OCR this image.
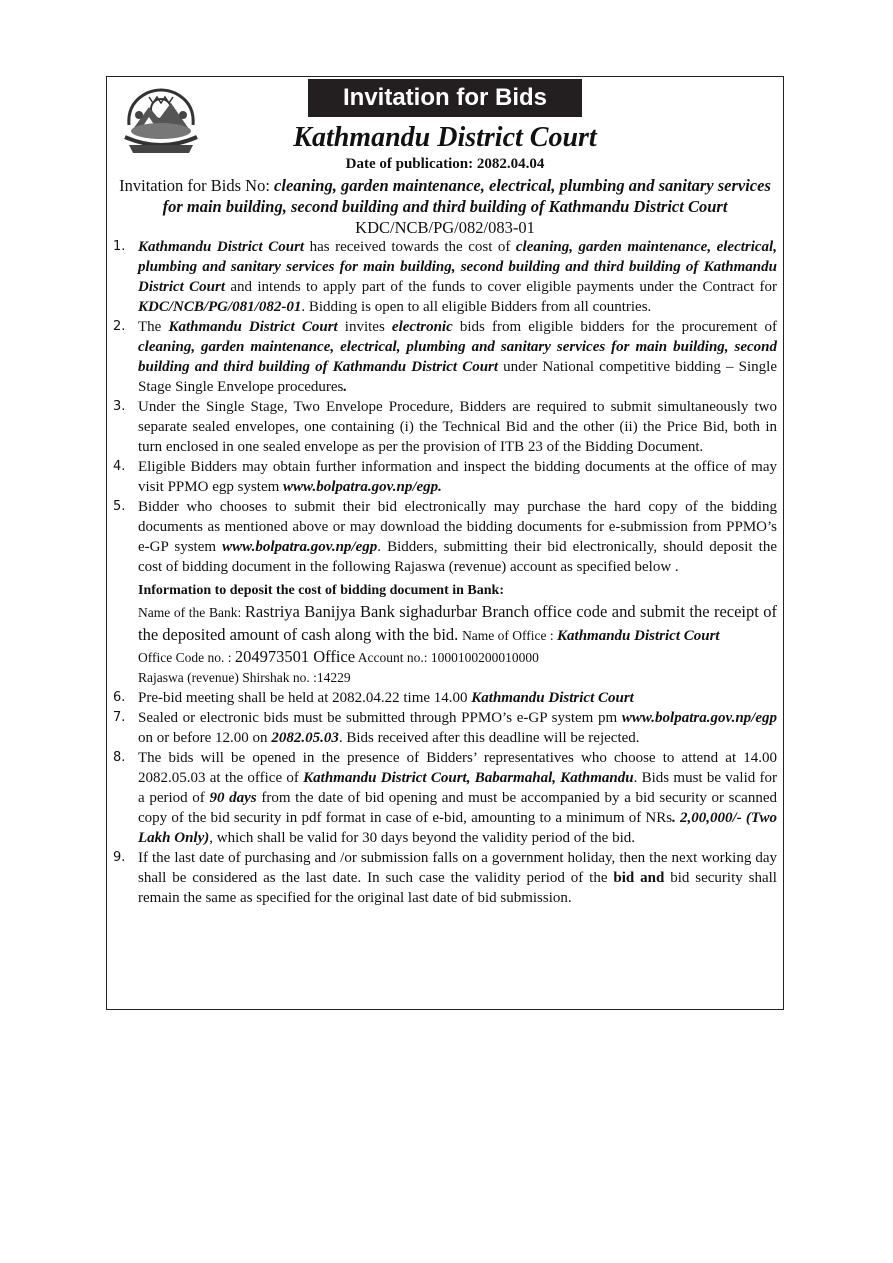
Invitation for Bids
Kathmandu District Court
Date of publication: 2082.04.04
Invitation for Bids No: cleaning, garden maintenance, electrical, plumbing and sanitary services for main building, second building and third building of Kathmandu District Court KDC/NCB/PG/082/083-01
1. Kathmandu District Court has received towards the cost of cleaning, garden maintenance, electrical, plumbing and sanitary services for main building, second building and third building of Kathmandu District Court and intends to apply part of the funds to cover eligible payments under the Contract for KDC/NCB/PG/081/082-01. Bidding is open to all eligible Bidders from all countries.
2. The Kathmandu District Court invites electronic bids from eligible bidders for the procurement of cleaning, garden maintenance, electrical, plumbing and sanitary services for main building, second building and third building of Kathmandu District Court under National competitive bidding – Single Stage Single Envelope procedures.
3. Under the Single Stage, Two Envelope Procedure, Bidders are required to submit simultaneously two separate sealed envelopes, one containing (i) the Technical Bid and the other (ii) the Price Bid, both in turn enclosed in one sealed envelope as per the provision of ITB 23 of the Bidding Document.
4. Eligible Bidders may obtain further information and inspect the bidding documents at the office of may visit PPMO egp system www.bolpatra.gov.np/egp.
5. Bidder who chooses to submit their bid electronically may purchase the hard copy of the bidding documents as mentioned above or may download the bidding documents for e-submission from PPMO’s e-GP system www.bolpatra.gov.np/egp. Bidders, submitting their bid electronically, should deposit the cost of bidding document in the following Rajaswa (revenue) account as specified below .
Information to deposit the cost of bidding document in Bank:
Name of the Bank: Rastriya Banijya Bank sighadurbar Branch office code and submit the receipt of the deposited amount of cash along with the bid. Name of Office : Kathmandu District Court
Office Code no. : 204973501 Office Account no.: 1000100200010000
Rajaswa (revenue) Shirshak no. :14229
6. Pre-bid meeting shall be held at 2082.04.22 time 14.00 Kathmandu District Court
7. Sealed or electronic bids must be submitted through PPMO’s e-GP system pm www.bolpatra.gov.np/egp on or before 12.00 on 2082.05.03. Bids received after this deadline will be rejected.
8. The bids will be opened in the presence of Bidders’ representatives who choose to attend at 14.00 2082.05.03 at the office of Kathmandu District Court, Babarmahal, Kathmandu. Bids must be valid for a period of 90 days from the date of bid opening and must be accompanied by a bid security or scanned copy of the bid security in pdf format in case of e-bid, amounting to a minimum of NRs. 2,00,000/- (Two Lakh Only), which shall be valid for 30 days beyond the validity period of the bid.
9. If the last date of purchasing and /or submission falls on a government holiday, then the next working day shall be considered as the last date. In such case the validity period of the bid and bid security shall remain the same as specified for the original last date of bid submission.
